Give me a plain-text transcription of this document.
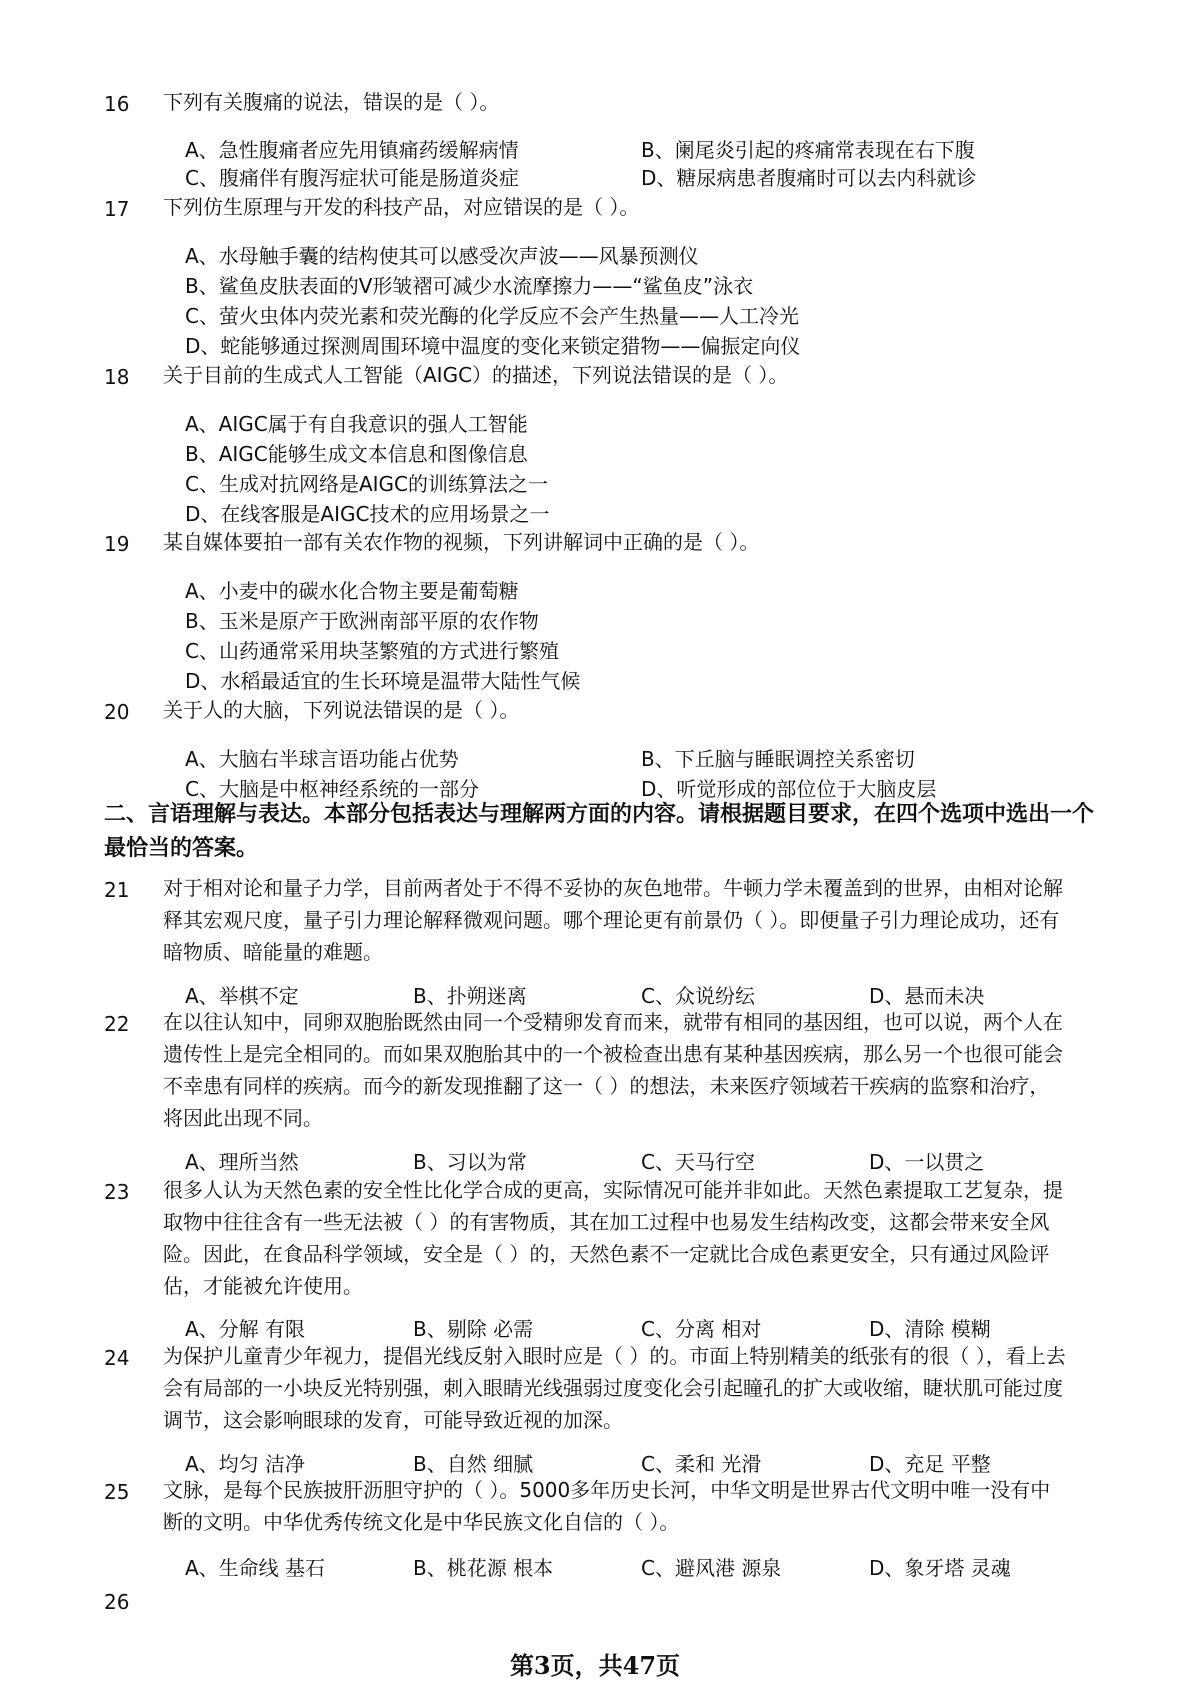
16 下列有关腹痛的说法，错误的是（ ）。
A、急性腹痛者应先用镇痛药缓解病情	B、阑尾炎引起的疼痛常表现在右下腹
C、腹痛伴有腹泻症状可能是肠道炎症	D、糖尿病患者腹痛时可以去内科就诊
17 下列仿生原理与开发的科技产品，对应错误的是（ ）。
A、水母触手囊的结构使其可以感受次声波——风暴预测仪
B、鲨鱼皮肤表面的V形皱褶可减少水流摩擦力——“鲨鱼皮”泳衣
C、萤火虫体内荧光素和荧光酶的化学反应不会产生热量——人工冷光
D、蛇能够通过探测周围环境中温度的变化来锁定猎物——偏振定向仪
18 关于目前的生成式人工智能（AIGC）的描述，下列说法错误的是（ ）。
A、AIGC属于有自我意识的强人工智能
B、AIGC能够生成文本信息和图像信息
C、生成对抗网络是AIGC的训练算法之一
D、在线客服是AIGC技术的应用场景之一
19 某自媒体要拍一部有关农作物的视频，下列讲解词中正确的是（ ）。
A、小麦中的碳水化合物主要是葡萄糖
B、玉米是原产于欧洲南部平原的农作物
C、山药通常采用块茎繁殖的方式进行繁殖
D、水稻最适宜的生长环境是温带大陆性气候
20 关于人的大脑，下列说法错误的是（ ）。
A、大脑右半球言语功能占优势	B、下丘脑与睡眠调控关系密切
C、大脑是中枢神经系统的一部分	D、听觉形成的部位位于大脑皮层
二、言语理解与表达。本部分包括表达与理解两方面的内容。请根据题目要求，在四个选项中选出一个最恰当的答案。
21 对于相对论和量子力学，目前两者处于不得不妥协的灰色地带。牛顿力学未覆盖到的世界，由相对论解释其宏观尺度，量子引力理论解释微观问题。哪个理论更有前景仍（ ）。即便量子引力理论成功，还有暗物质、暗能量的难题。
A、举棋不定	B、扑朔迷离	C、众说纷纭	D、悬而未决
22 在以往认知中，同卵双胞胎既然由同一个受精卵发育而来，就带有相同的基因组，也可以说，两个人在遗传性上是完全相同的。而如果双胞胎其中的一个被检查出患有某种基因疾病，那么另一个也很可能会不幸患有同样的疾病。而今的新发现推翻了这一（ ）的想法，未来医疗领域若干疾病的监察和治疗，将因此出现不同。
A、理所当然	B、习以为常	C、天马行空	D、一以贯之
23 很多人认为天然色素的安全性比化学合成的更高，实际情况可能并非如此。天然色素提取工艺复杂，提取物中往往含有一些无法被（ ）的有害物质，其在加工过程中也易发生结构改变，这都会带来安全风险。因此，在食品科学领域，安全是（ ）的，天然色素不一定就比合成色素更安全，只有通过风险评估，才能被允许使用。
A、分解 有限	B、剔除 必需	C、分离 相对	D、清除 模糊
24 为保护儿童青少年视力，提倡光线反射入眼时应是（ ）的。市面上特别精美的纸张有的很（ ），看上去会有局部的一小块反光特别强，刺入眼睛光线强弱过度变化会引起瞳孔的扩大或收缩，睫状肌可能过度调节，这会影响眼球的发育，可能导致近视的加深。
A、均匀 洁净	B、自然 细腻	C、柔和 光滑	D、充足 平整
25 文脉，是每个民族披肝沥胆守护的（ ）。5000多年历史长河，中华文明是世界古代文明中唯一没有中断的文明。中华优秀传统文化是中华民族文化自信的（ ）。
A、生命线 基石	B、桃花源 根本	C、避风港 源泉	D、象牙塔 灵魂
26
第3页，共47页
